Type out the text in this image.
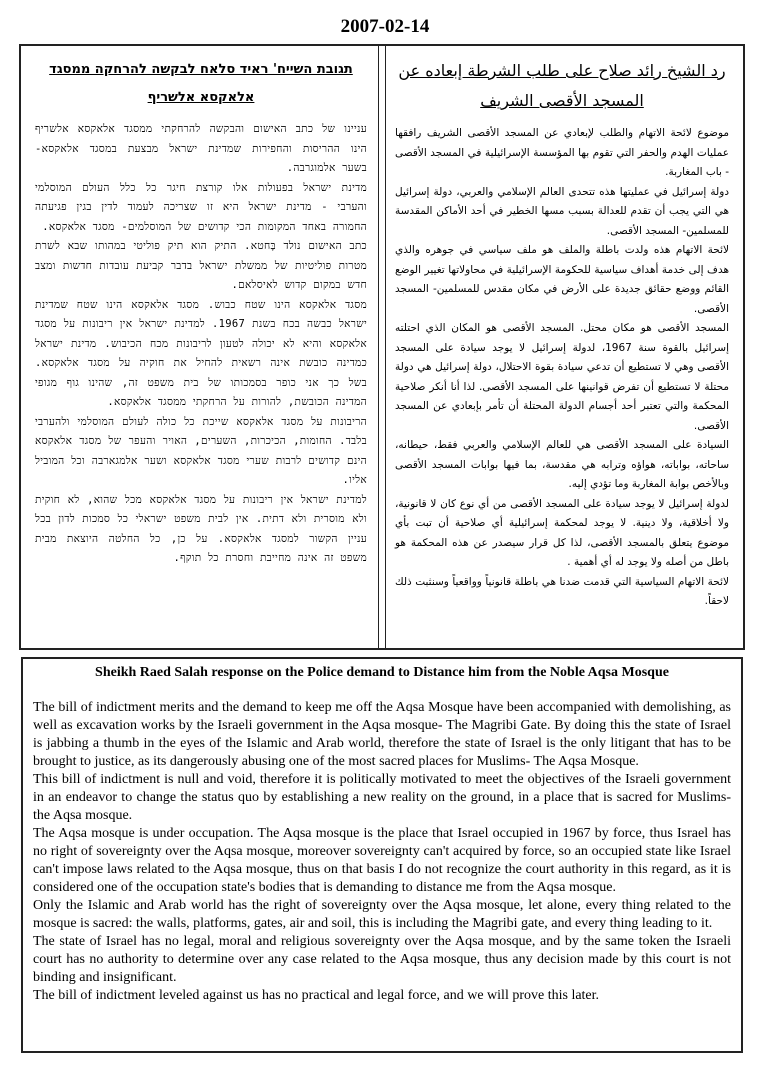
2007-02-14
תגובת השייח' ראיד סלאח לבקשה להרחקה ממסגד אלאקסא אלשריף

עניינו של כתב האישום והבקשה להרחקתי ממסגד אלאקסא אלשריף הינו ההריסות והחפירות שמדינת ישראל מבצעת במסגד אלאקסא- בשער אלמוגרבה.

מדינת ישראל בפעולות אלו קורצת חיגר כל כלל העולם המוסלמי והערבי - מדינת ישראל היא זו שצריכה לעמוד לדין בגין פגיעתה החמורה באחד המקומות הכי קדושים של המוסלמים- מסגד אלאקסא.

כתב האישום נולד בָּחטא. התיק הוא תיק פוליטי במהותו שבא לשרת מטרות פוליטיות של ממשלת ישראל בדבר קביעת עובדות חדשות ומצב חדש במקום קדוש לאיסלאם.

מסגד אלאקסא הינו שטח כבוש. מסגד אלאקסא הינו שטח שמדינת ישראל כבשה בכח בשנת 1967. למדינת ישראל אין ריבונות על מסגד אלאקסא והיא לא יכולה לטעון לריבונות מכח הכיבוש. מדינת ישראל כמדינה כובשת אינה רשאית להחיל את חוקיה על מסגד אלאקסא. בשל כך אני כופר בסמכותו של בית משפט זה, שהינו גוף מגופי המדינה הכובשת, להורות על הרחקתי ממסגד אלאקסא.

הריבונות על מסגד אלאקסא שייכת כל כולה לעולם המוסלמי ולהערבי בלבד. החומות, הכיכרות, השערים, האויר והעפר של מסגד אלאקסא הינם קדושים לרבות שערי מסגד אלאקסא ושער אלמגארבה וכל המוביל אליו.

למדינת ישראל אין ריבונות על מסגד אלאקסא מכל שהוא, לא חוקית ולא מוסרית ולא דתית. אין לבית משפט ישראלי כל סמכות לדון בכל עניין הקשור למסגד אלאקסא. על כן, כל החלטה היוצאת מבית משפט זה אינה מחייבת וחסרת כל תוקף.

رد الشيخ رائد صلاح على طلب الشرطة إبعاده عن المسجد الأقصى الشريف

موضوع لائحة الاتهام والطلب لإبعادي عن المسجد الأقصى الشريف رافقها عمليات الهدم والحفر التي تقوم بها المؤسسة الإسرائيلية في المسجد الأقصى - باب المغاربة.

دولة إسرائيل في عمليتها هذه تتحدى العالم الإسلامي والعربي، دولة إسرائيل هي التي يجب أن تقدم للعدالة بسبب مسها الخطير في أحد الأماكن المقدسة للمسلمين- المسجد الأقصى.

لائحة الاتهام هذه ولدت باطلة والملف هو ملف سياسي في جوهره والذي هدف إلى خدمة أهداف سياسية للحكومة الإسرائيلية في محاولاتها تغيير الوضع القائم ووضع حقائق جديدة على الأرض في مكان مقدس للمسلمين- المسجد الأقصى.

المسجد الأقصى هو مكان محتل. المسجد الأقصى هو المكان الذي احتلته إسرائيل بالقوة سنة 1967، لدولة إسرائيل لا يوجد سيادة على المسجد الأقصى وهي لا تستطيع أن تدعي سيادة بقوة الاحتلال، دولة إسرائيل هي دولة محتلة لا تستطيع أن تفرض قوانينها على المسجد الأقصى. لذا أنا أنكر صلاحية المحكمة والتي تعتبر أحد أجسام الدولة المحتلة أن تأمر بإبعادي عن المسجد الأقصى.

السيادة على المسجد الأقصى هي للعالم الإسلامي والعربي فقط، حيطانه، ساحاته، بواباته، هواؤه وترابه هي مقدسة، بما فيها بوابات المسجد الأقصى وبالأخص بوابة المغاربة وما تؤدي إليه.

لدولة إسرائيل لا يوجد سيادة على المسجد الأقصى من أي نوع كان لا قانونية، ولا أخلاقية، ولا دينية. لا يوجد لمحكمة إسرائيلية أي صلاحية أن تبت بأي موضوع يتعلق بالمسجد الأقصى، لذا كل قرار سيصدر عن هذه المحكمة هو باطل من أصله ولا يوجد له أي أهمية .

لائحة الاتهام السياسية التي قدمت ضدنا هي باطلة قانونياً وواقعياً وسنثبت ذلك لاحقاً.

Sheikh Raed Salah response on the Police demand to Distance him from the Noble Aqsa Mosque

The bill of indictment merits and the demand to keep me off the Aqsa Mosque have been accompanied with demolishing, as well as excavation works by the Israeli government in the Aqsa mosque- The Magribi Gate. By doing this the state of Israel is jabbing a thumb in the eyes of the Islamic and Arab world, therefore the state of Israel is the only litigant that has to be brought to justice, as its dangerously abusing one of the most sacred places for Muslims- The Aqsa Mosque.

This bill of indictment is null and void, therefore it is politically motivated to meet the objectives of the Israeli government in an endeavor to change the status quo by establishing a new reality on the ground, in a place that is sacred for Muslims- the Aqsa mosque.

The Aqsa mosque is under occupation. The Aqsa mosque is the place that Israel occupied in 1967 by force, thus Israel has no right of sovereignty over the Aqsa mosque, moreover sovereignty can't acquired by force, so an occupied state like Israel can't impose laws related to the Aqsa mosque, thus on that basis I do not recognize the court authority in this regard, as it is considered one of the occupation state's bodies that is demanding to distance me from the Aqsa mosque.

Only the Islamic and Arab world has the right of sovereignty over the Aqsa mosque, let alone, every thing related to the mosque is sacred: the walls, platforms, gates, air and soil, this is including the Magribi gate, and every thing leading to it.

The state of Israel has no legal, moral and religious sovereignty over the Aqsa mosque, and by the same token the Israeli court has no authority to determine over any case related to the Aqsa mosque, thus any decision made by this court is not binding and insignificant.

The bill of indictment leveled against us has no practical and legal force, and we will prove this later.
